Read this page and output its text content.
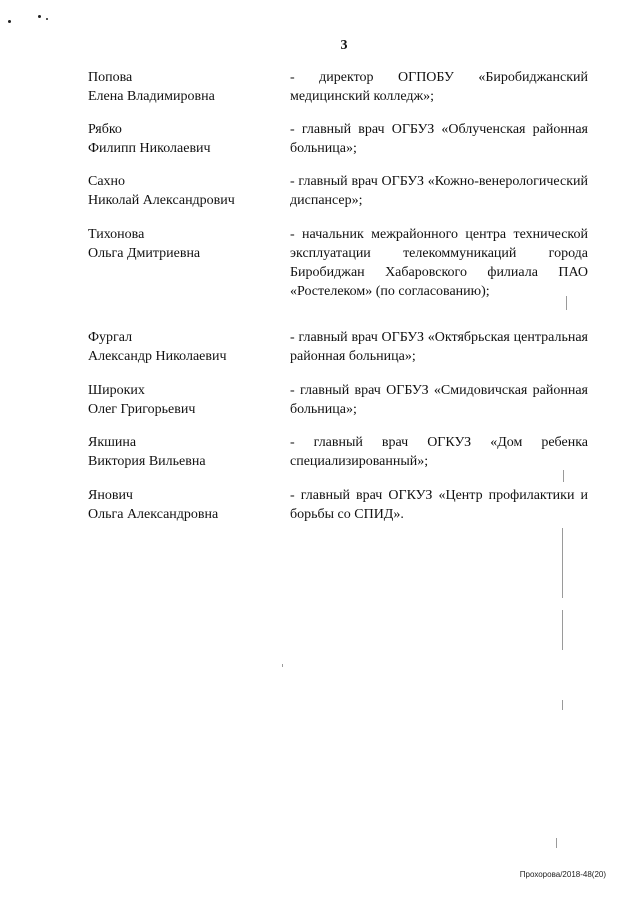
3
Попова
Елена Владимировна
- директор ОГПОБУ «Биробиджанский медицинский колледж»;
Рябко
Филипп Николаевич
- главный врач ОГБУЗ «Облученская районная больница»;
Сахно
Николай Александрович
- главный врач ОГБУЗ «Кожно-венерологический диспансер»;
Тихонова
Ольга Дмитриевна
- начальник межрайонного центра технической эксплуатации телекоммуникаций города Биробиджан Хабаровского филиала ПАО «Ростелеком» (по согласованию);
Фургал
Александр Николаевич
- главный врач ОГБУЗ «Октябрьская центральная районная больница»;
Широких
Олег Григорьевич
- главный врач ОГБУЗ «Смидовичская районная больница»;
Якшина
Виктория Вильевна
- главный врач ОГКУЗ «Дом ребенка специализированный»;
Янович
Ольга Александровна
- главный врач ОГКУЗ «Центр профилактики и борьбы со СПИД».
Прохорова/2018-48(20)
